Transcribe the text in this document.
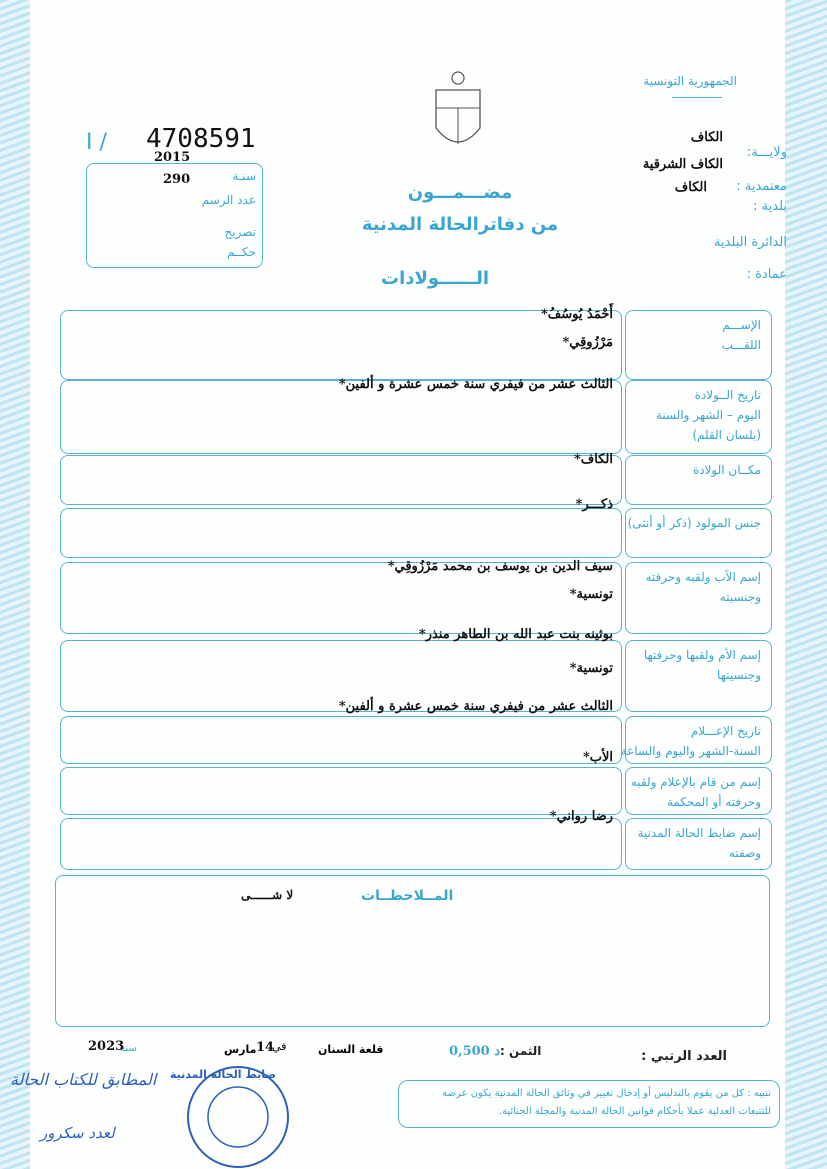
الجمهورية التونسية
I / 4708591
2015
سنـة
290
عدد الرسم
تصريح
حكــم
مضـــمـــون
من دفاترالحالة المدنية
الــــــولادات
ولايـــة:
الكاف
معتمدية :
الكاف الشرقية
بلدية :
الكاف
الدائرة البلدية
عمادة :
الإســـم
اللقـــب
أَحْمَدُ يُوسُفُ*
مَرْزُوقِي*
تاريخ الــولادة
اليوم – الشهر والسنة
(بلسان القلم)
الثالث عشر من فيفري سنة خمس عشرة و ألفين*
مكــان الولادة
الكاف*
جنس المولود (ذكر أو أنثى)
ذكـــر*
إسم الأب ولقبه وحرفته
وجنسيته
سيف الدين بن يوسف بن محمد مَرْزُوقِي*
تونسية*
إسم الأم ولقبها وحرفتها
وجنسيتها
بوثينه بنت عبد الله بن الطاهر منذر*
تونسية*
تاريخ الإعـــلام
السنة-الشهر واليوم والساعة
الثالث عشر من فيفري سنة خمس عشرة و ألفين*
إسم من قام بالإعلام ولقبه
وحرفته أو المحكمة
الأب*
إسم ضابط الحالة المدنية
وصفته
رضا رواني*
المــلاحظــات
لا شــــــى
العدد الرتبي :
0,500 د الثمن :
قلعة السنان
في
14
مارس
سنة
2023
ضابط الحالة المدنية
المطابق للكتاب الحالة
لعدد سكرور
تنبيه : كل من يقوم بالتدليس أو إدخال تغيير في وثائق الحالة المدنية يكون عرضة للتتبعات العدلية عملا بأحكام قوانين الحالة المدنية والمجلة الجنائية.
